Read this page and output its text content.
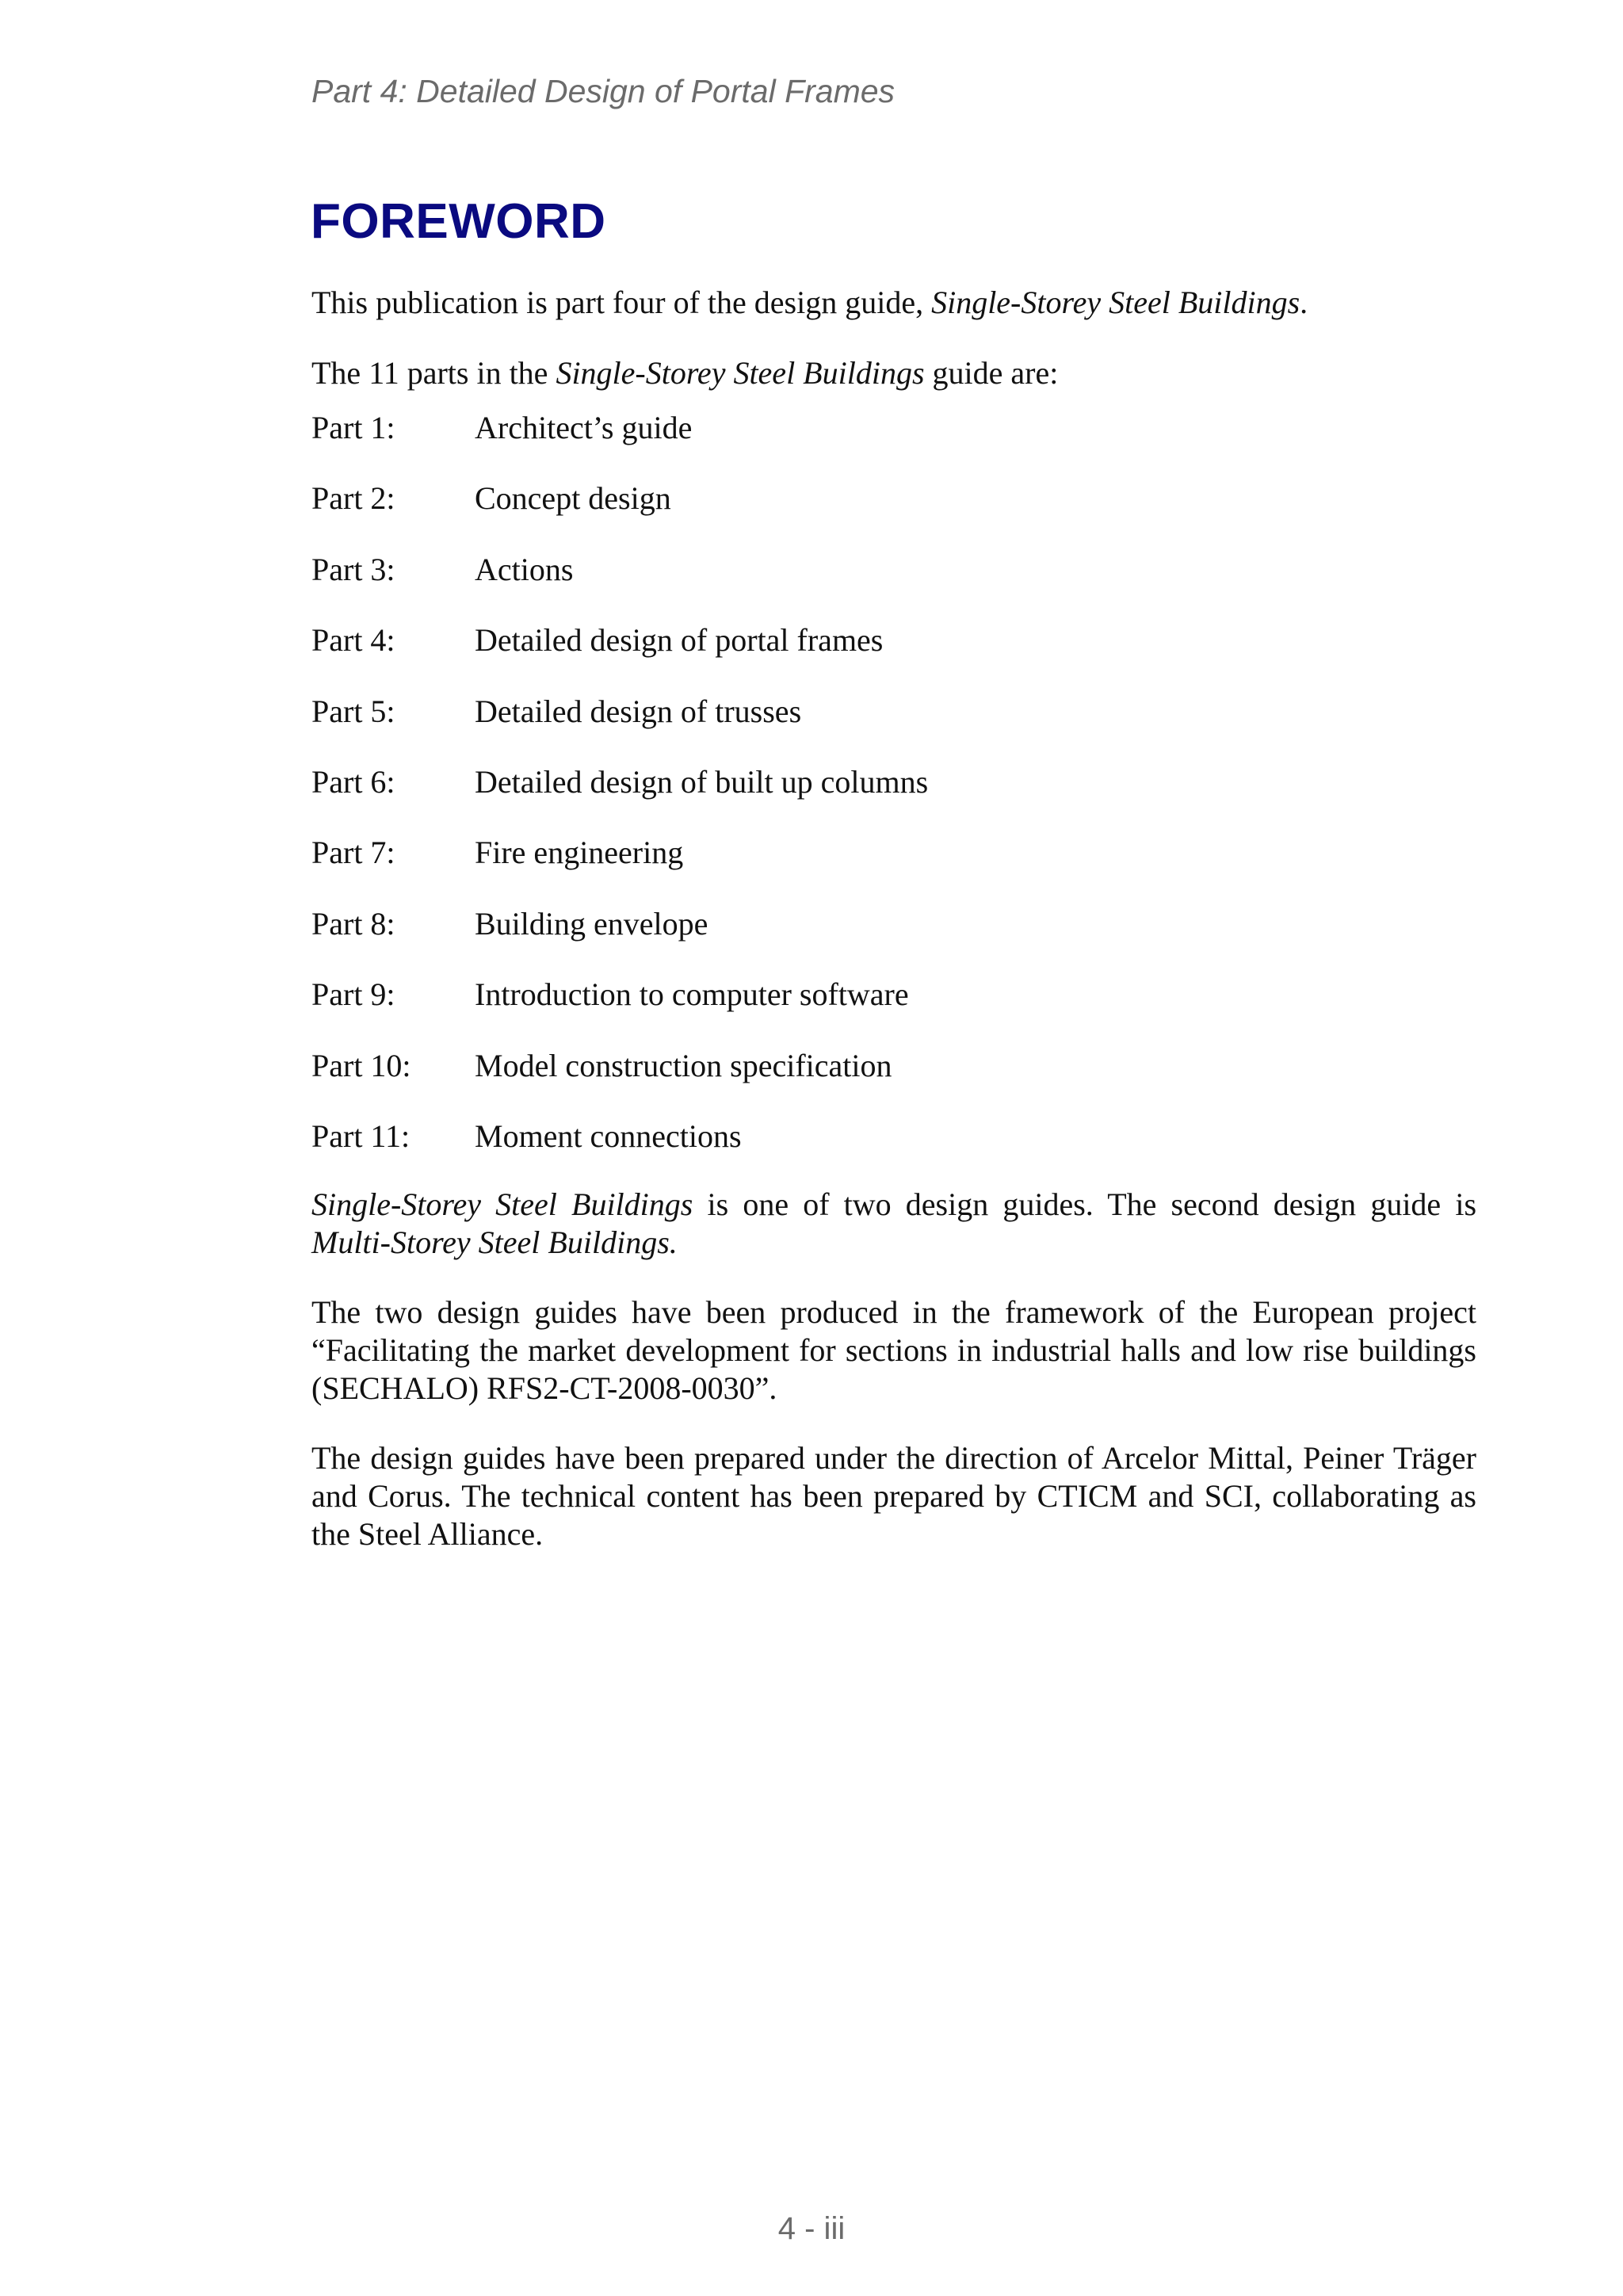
Part 4: Detailed Design of Portal Frames
FOREWORD

This publication is part four of the design guide, Single-Storey Steel Buildings.

The 11 parts in the Single-Storey Steel Buildings guide are:

Part 1:	Architect’s guide
Part 2:	Concept design
Part 3:	Actions
Part 4:	Detailed design of portal frames
Part 5:	Detailed design of trusses
Part 6:	Detailed design of built up columns
Part 7:	Fire engineering
Part 8:	Building envelope
Part 9:	Introduction to computer software
Part 10: Model construction specification
Part 11: Moment connections

Single-Storey Steel Buildings is one of two design guides. The second design guide is Multi-Storey Steel Buildings.

The two design guides have been produced in the framework of the European project “Facilitating the market development for sections in industrial halls and low rise buildings (SECHALO) RFS2-CT-2008-0030”.

The design guides have been prepared under the direction of Arcelor Mittal, Peiner Träger and Corus. The technical content has been prepared by CTICM and SCI, collaborating as the Steel Alliance.

4 - iii
